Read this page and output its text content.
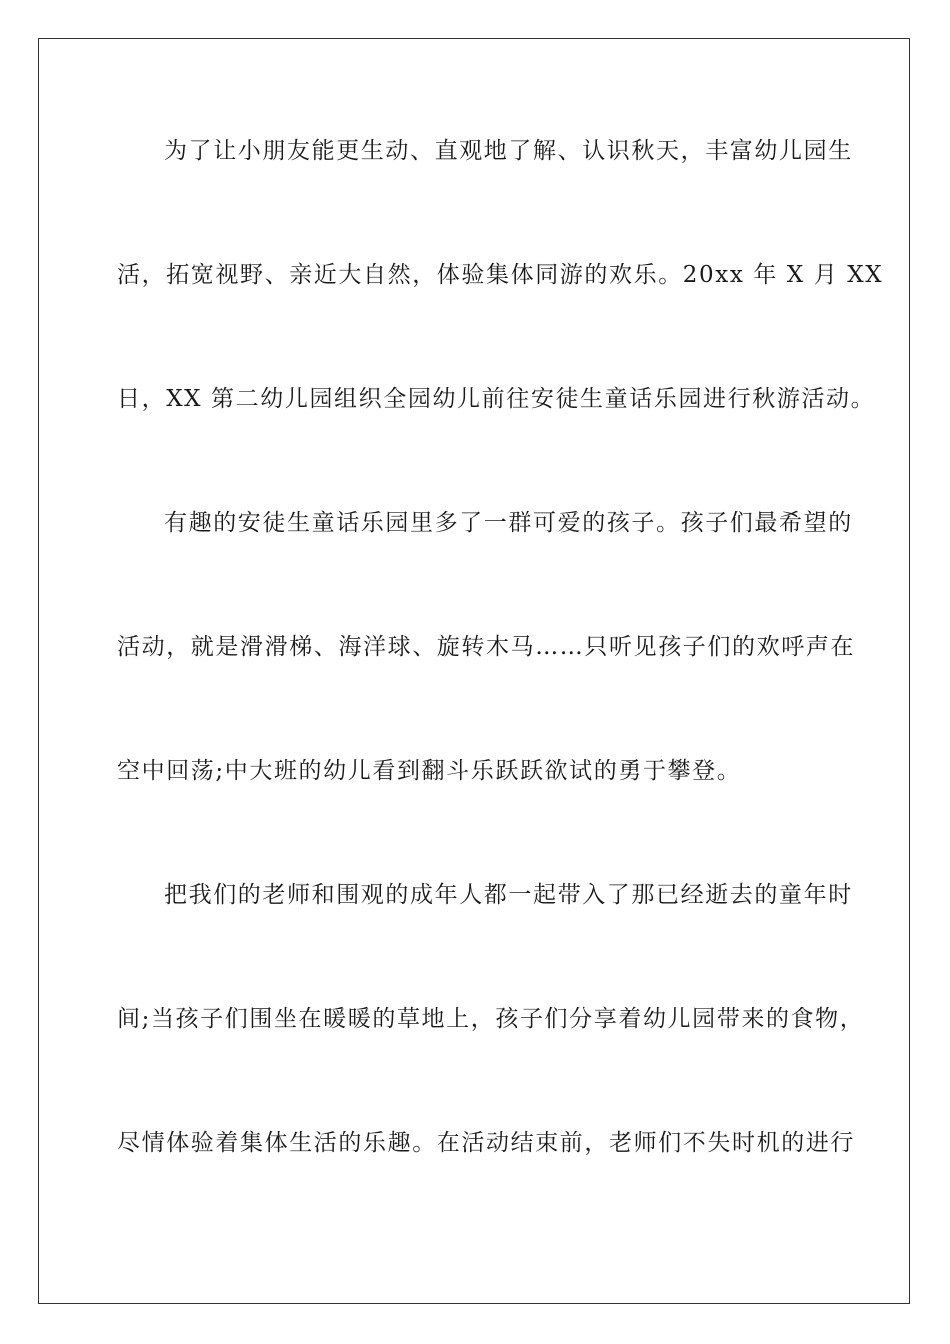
为了让小朋友能更生动、直观地了解、认识秋天，丰富幼儿园生
活，拓宽视野、亲近大自然，体验集体同游的欢乐。20xx 年 X 月 XX
日，XX 第二幼儿园组织全园幼儿前往安徒生童话乐园进行秋游活动。
有趣的安徒生童话乐园里多了一群可爱的孩子。孩子们最希望的
活动，就是滑滑梯、海洋球、旋转木马……只听见孩子们的欢呼声在
空中回荡;中大班的幼儿看到翻斗乐跃跃欲试的勇于攀登。
把我们的老师和围观的成年人都一起带入了那已经逝去的童年时
间;当孩子们围坐在暖暖的草地上，孩子们分享着幼儿园带来的食物，
尽情体验着集体生活的乐趣。在活动结束前，老师们不失时机的进行
